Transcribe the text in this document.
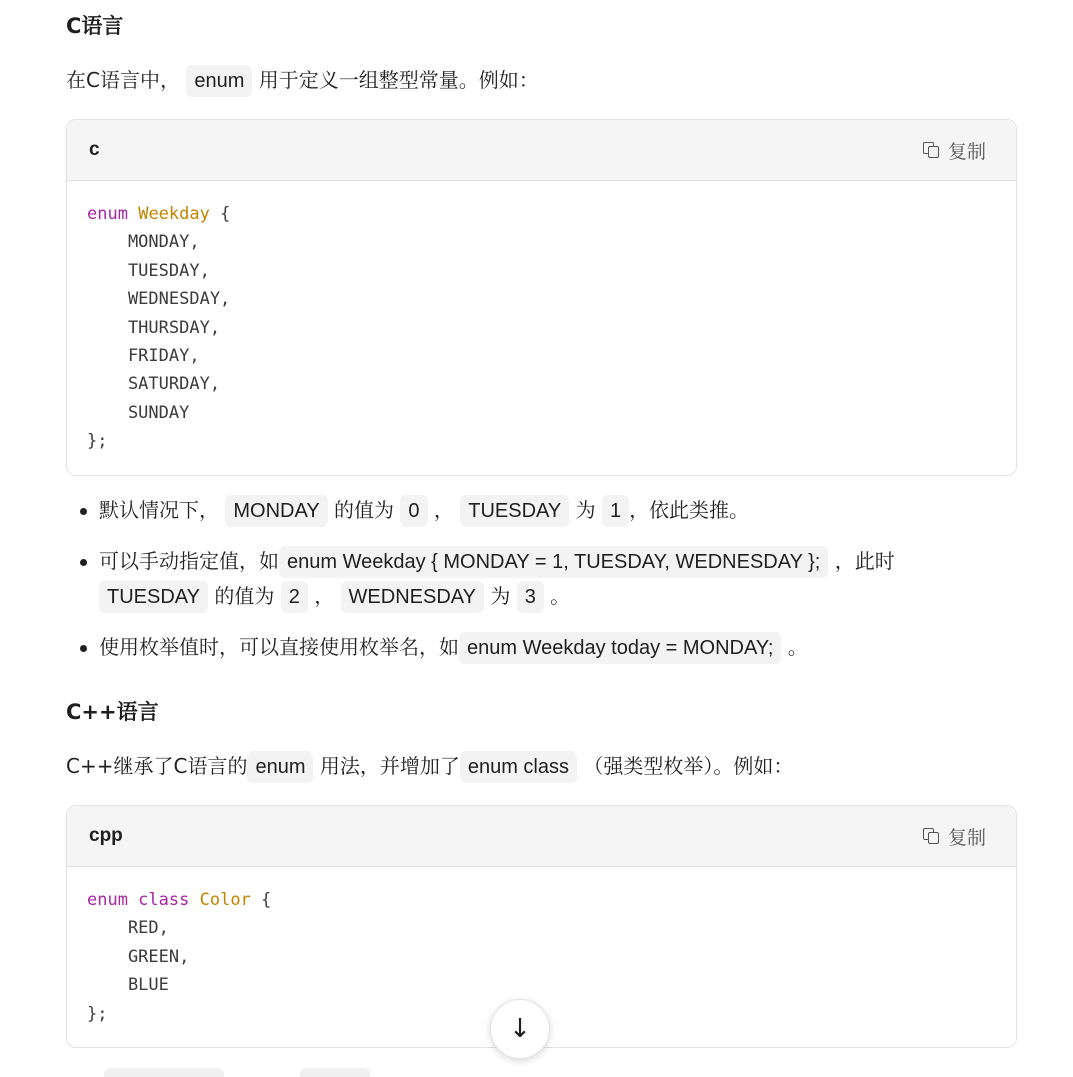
C语言
在C语言中， enum 用于定义一组整型常量。例如：
c	复制
enum Weekday {
MONDAY,
TUESDAY,
WEDNESDAY,
THURSDAY,
FRIDAY,
SATURDAY,
SUNDAY
};
默认情况下， MONDAY 的值为 0 ， TUESDAY 为 1 ，依此类推。
可以手动指定值，如 enum Weekday { MONDAY = 1, TUESDAY, WEDNESDAY }; ，此时
TUESDAY 的值为 2 ， WEDNESDAY 为 3 。
使用枚举值时，可以直接使用枚举名，如 enum Weekday today = MONDAY; 。
C++语言
C++继承了C语言的 enum 用法，并增加了 enum class （强类型枚举）。例如：
cpp	复制
enum class Color {
RED,
GREEN,
BLUE
};
↓
